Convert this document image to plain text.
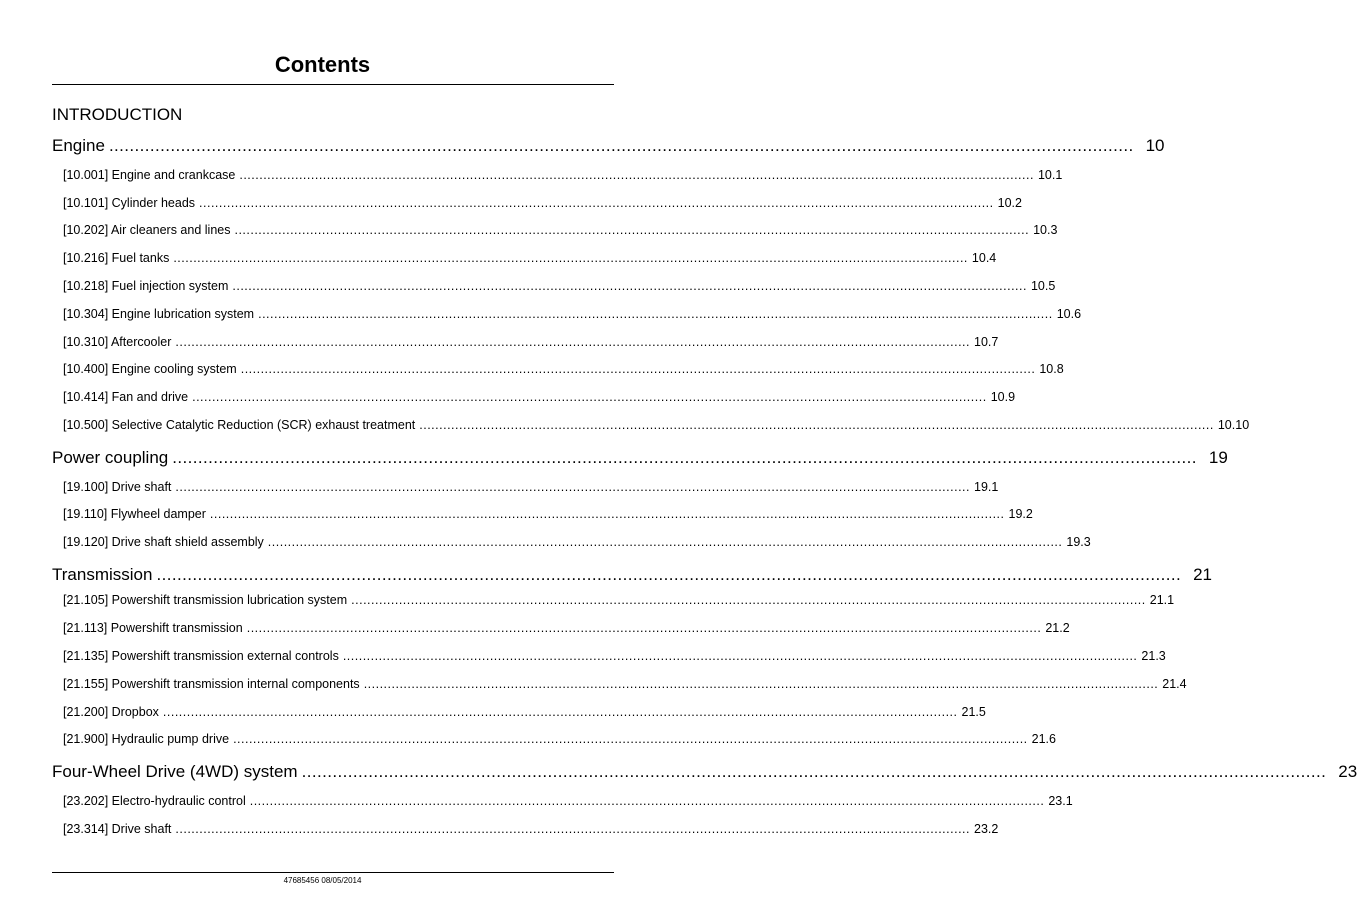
Contents
INTRODUCTION
Engine ........................................................................................................................................................................................................ 10
[10.001] Engine and crankcase ........................................................................................................................................................................................................ 10.1
[10.101] Cylinder heads ........................................................................................................................................................................................................ 10.2
[10.202] Air cleaners and lines ........................................................................................................................................................................................................ 10.3
[10.216] Fuel tanks ........................................................................................................................................................................................................ 10.4
[10.218] Fuel injection system ........................................................................................................................................................................................................ 10.5
[10.304] Engine lubrication system ........................................................................................................................................................................................................ 10.6
[10.310] Aftercooler ........................................................................................................................................................................................................ 10.7
[10.400] Engine cooling system ........................................................................................................................................................................................................ 10.8
[10.414] Fan and drive ........................................................................................................................................................................................................ 10.9
[10.500] Selective Catalytic Reduction (SCR) exhaust treatment ........................................................................................................................................................................................................ 10.10
Power coupling ........................................................................................................................................................................................................ 19
[19.100] Drive shaft ........................................................................................................................................................................................................ 19.1
[19.110] Flywheel damper ........................................................................................................................................................................................................ 19.2
[19.120] Drive shaft shield assembly ........................................................................................................................................................................................................ 19.3
Transmission ........................................................................................................................................................................................................ 21
[21.105] Powershift transmission lubrication system ........................................................................................................................................................................................................ 21.1
[21.113] Powershift transmission ........................................................................................................................................................................................................ 21.2
[21.135] Powershift transmission external controls ........................................................................................................................................................................................................ 21.3
[21.155] Powershift transmission internal components ........................................................................................................................................................................................................ 21.4
[21.200] Dropbox ........................................................................................................................................................................................................ 21.5
[21.900] Hydraulic pump drive ........................................................................................................................................................................................................ 21.6
Four-Wheel Drive (4WD) system ........................................................................................................................................................................................................ 23
[23.202] Electro-hydraulic control ........................................................................................................................................................................................................ 23.1
[23.314] Drive shaft ........................................................................................................................................................................................................ 23.2
47685456 08/05/2014
